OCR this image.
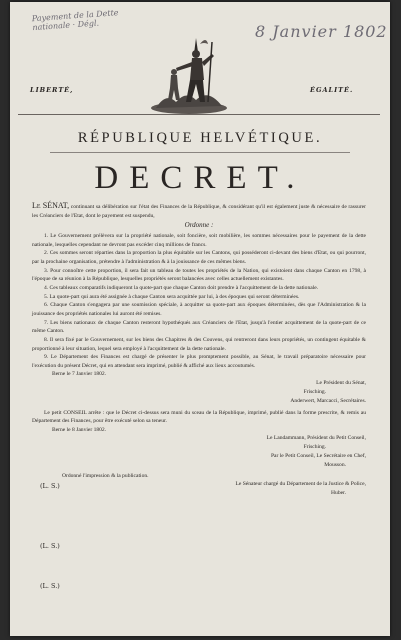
Payement de la Dette nationale · Dégl.	8 Janvier 1802
LIBERTÉ,	ÉGALITÉ.
RÉPUBLIQUE HELVÉTIQUE.
DECRET.

Le SÉNAT, continuant sa délibération sur l'état des Finances de la République, & considérant qu'il est également juste & nécessaire de rassurer les Créanciers de l'Etat, dont le payement est suspendu,

Ordonne :

1. Le Gouvernement prélèvera sur la propriété nationale, soit foncière, soit mobilière, les sommes nécessaires pour le payement de la dette nationale, lesquelles cependant ne devront pas excéder cinq millions de francs.

2. Ces sommes seront réparties dans la proportion la plus équitable sur les Cantons, qui posséderont ci-devant des biens d'Etat, ou qui pourront, par la prochaine organisation, prétendre à l'administration & à la jouissance de ces mêmes biens.

3. Pour connoître cette proportion, il sera fait un tableau de toutes les propriétés de la Nation, qui existoient dans chaque Canton en 1798, à l'époque de sa réunion à la République, lesquelles propriétés seront balancées avec celles actuellement existantes.

4. Ces tableaux comparatifs indiqueront la quote-part que chaque Canton doit prendre à l'acquittement de la dette nationale.

5. La quote-part qui aura été assignée à chaque Canton sera acquittée par lui, à des époques qui seront déterminées.

6. Chaque Canton s'engagera par une soumission spéciale, à acquitter sa quote-part aux époques déterminées, dès que l'Administration & la jouissance des propriétés nationales lui auront été remises.

7. Les biens nationaux de chaque Canton resteront hypothéqués aux Créanciers de l'Etat, jusqu'à l'entier acquittement de la quote-part de ce même Canton.

8. Il sera fixé par le Gouvernement, sur les biens des Chapitres & des Couvens, qui rentreront dans leurs propriétés, un contingent équitable & proportionné à leur situation, lequel sera employé à l'acquittement de la dette nationale.

9. Le Département des Finances est chargé de présenter le plus promptement possible, au Sénat, le travail préparatoire nécessaire pour l'exécution du présent Décret, qui en attendant sera imprimé, publié & affiché aux lieux accoutumés.

Berne le 7 Janvier 1802.

Le Président du Sénat,

Frisching.

Anderwert, Marcacci, Secrétaires.

Le petit CONSEIL arrête : que le Décret ci-dessus sera muni du sceau de la République, imprimé, publié dans la forme prescrite, & remis au Département des Finances, pour être exécuté selon sa teneur.

Berne le 8 Janvier 1802.

Le Landammann, Président du Petit Conseil,

Frisching.

Par le Petit Conseil, Le Secrétaire en Chef,

Mousson.

Ordonné l'impression & la publication.

Le Sénateur chargé du Département de la Justice & Police,

Huber.

(L. S.)
(L. S.)
(L. S.)
